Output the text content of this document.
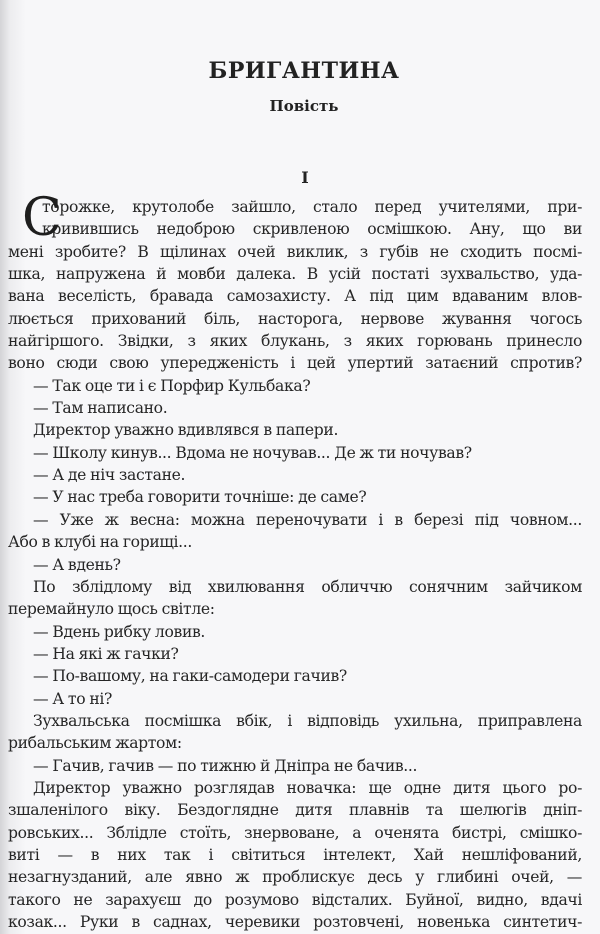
БРИГАНТИНА
Повість
I
С
торожке, крутолобе зайшло, стало перед учителями, при-
кривившись недоброю скривленою осмішкою. Ану, що ви
мені зробите? В щілинах очей виклик, з губів не сходить посмі-
шка, напружена й мовби далека. В усій постаті зухвальство, уда-
вана веселість, бравада самозахисту. А під цим вдаваним влов-
люється прихований біль, насторога, нервове жування чогось
найгіршого. Звідки, з яких блукань, з яких горювань принесло
воно сюди свою упередженість і цей упертий затаєний спротив?
— Так оце ти і є Порфир Кульбака?
— Там написано.
Директор уважно вдивлявся в папери.
— Школу кинув... Вдома не ночував... Де ж ти ночував?
— А де ніч застане.
— У нас треба говорити точніше: де саме?
— Уже ж весна: можна переночувати і в березі під човном...
Або в клубі на горищі...
— А вдень?
По зблідлому від хвилювання обличчю сонячним зайчиком
перемайнуло щось світле:
— Вдень рибку ловив.
— На які ж гачки?
— По-вашому, на гаки-самодери гачив?
— А то ні?
Зухвальська посмішка вбік, і відповідь ухильна, приправлена
рибальським жартом:
— Гачив, гачив — по тижню й Дніпра не бачив...
Директор уважно розглядав новачка: ще одне дитя цього ро-
зшаленілого віку. Бездоглядне дитя плавнів та шелюгів дніп-
ровських... Зблідле стоїть, знервоване, а оченята бистрі, смішко-
виті — в них так і світиться інтелект, Хай нешліфований,
незагнузданий, але явно ж проблискує десь у глибині очей, —
такого не зарахуєш до розумово відсталих. Буйної, видно, вдачі
козак... Руки в саднах, черевики розтовчені, новенька синтетич-
